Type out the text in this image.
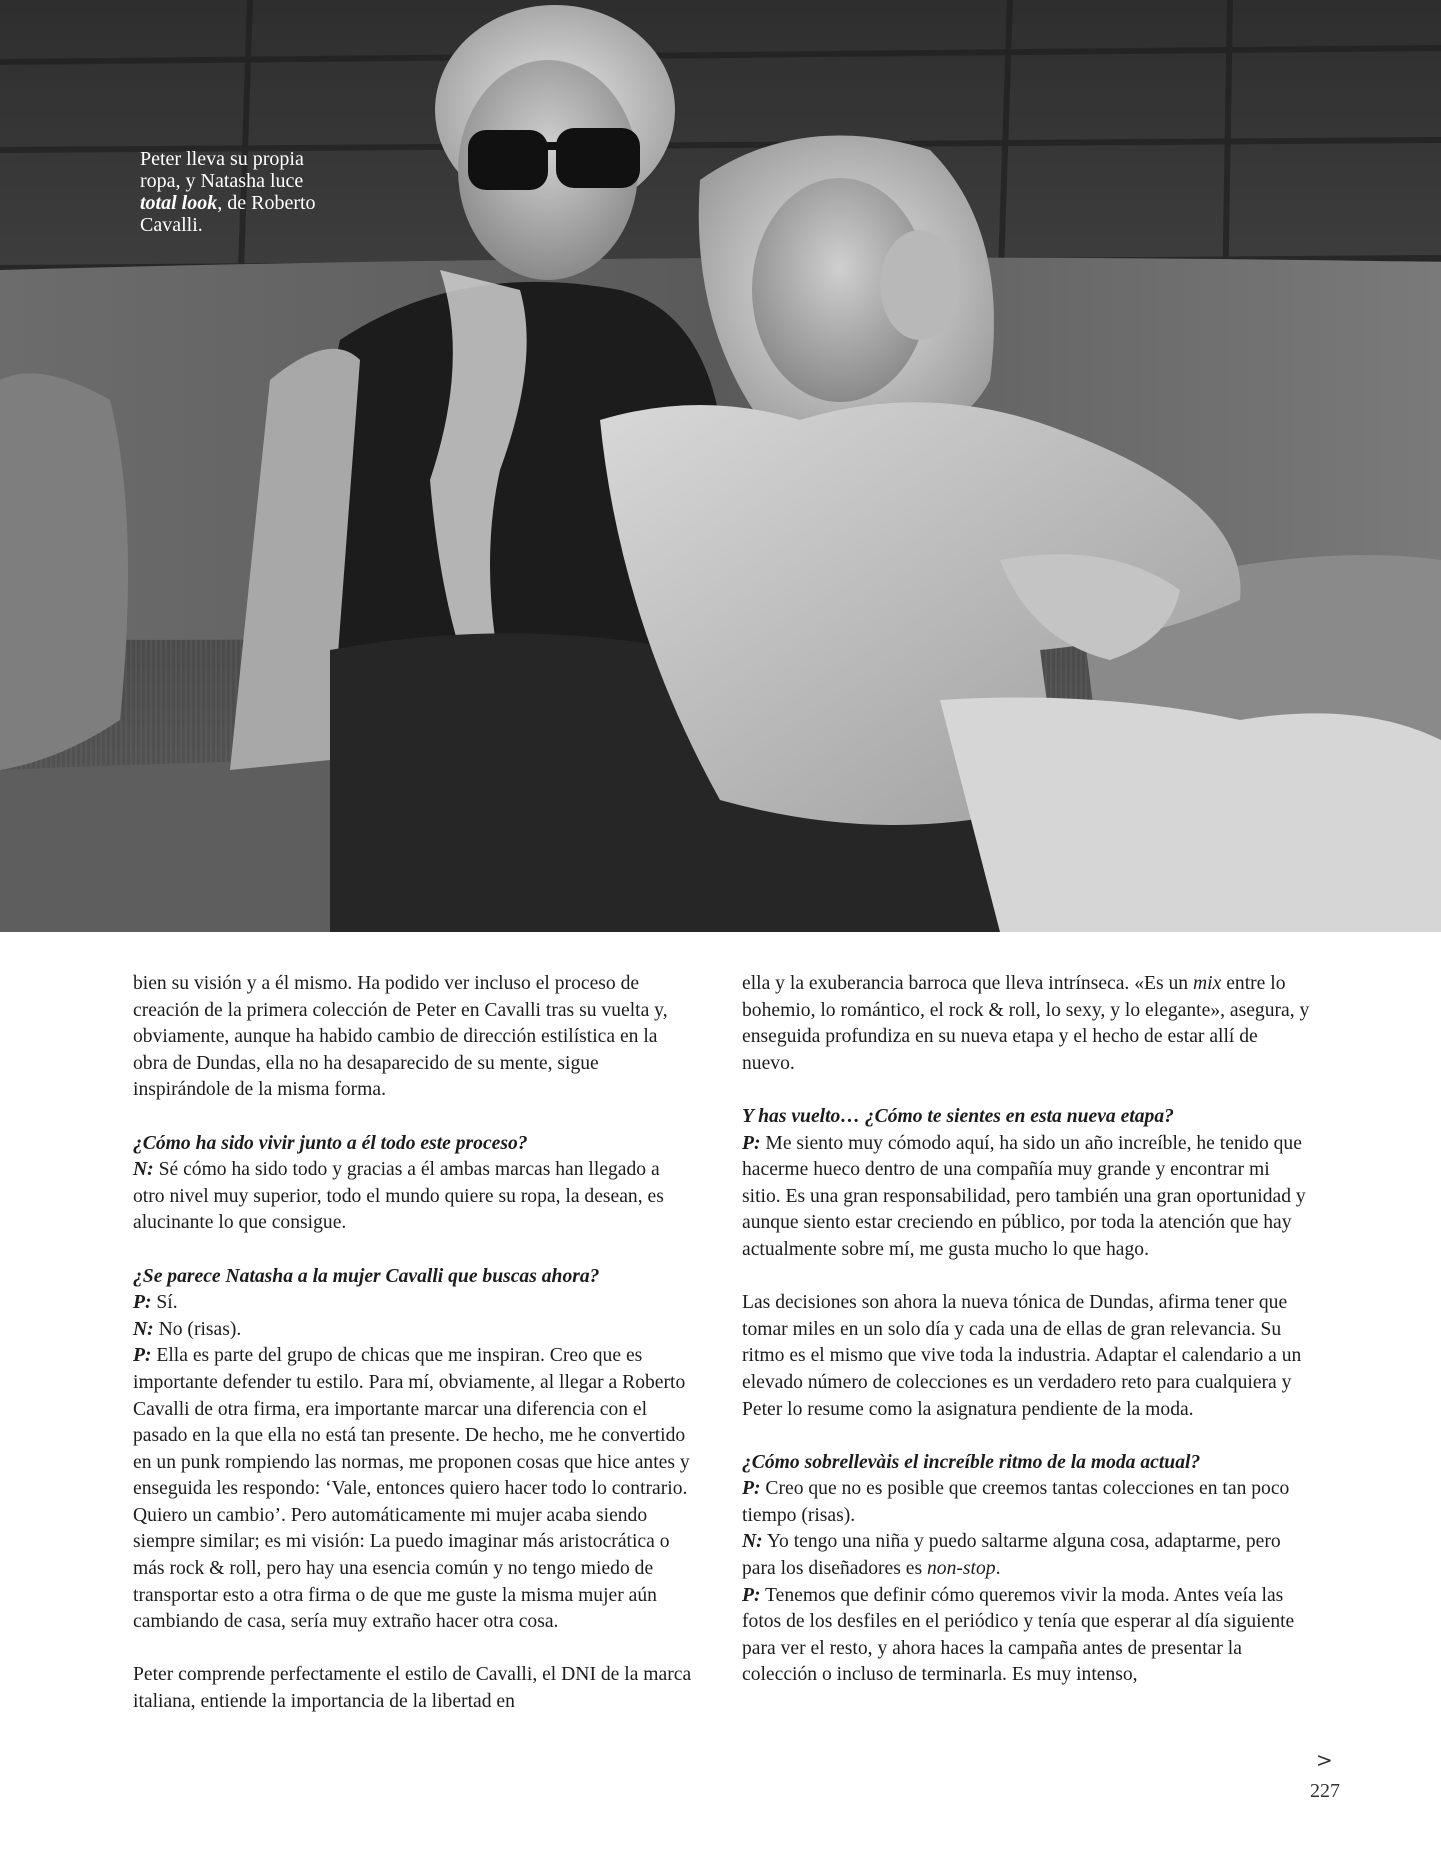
Peter lleva su propia ropa, y Natasha luce total look, de Roberto Cavalli.

bien su visión y a él mismo. Ha podido ver incluso el proceso de creación de la primera colección de Peter en Cavalli tras su vuelta y, obviamente, aunque ha habido cambio de dirección estilística en la obra de Dundas, ella no ha desaparecido de su mente, sigue inspirándole de la misma forma.

¿Cómo ha sido vivir junto a él todo este proceso?
N: Sé cómo ha sido todo y gracias a él ambas marcas han llegado a otro nivel muy superior, todo el mundo quiere su ropa, la desean, es alucinante lo que consigue.

¿Se parece Natasha a la mujer Cavalli que buscas ahora?
P: Sí.
N: No (risas).
P: Ella es parte del grupo de chicas que me inspiran. Creo que es importante defender tu estilo. Para mí, obviamente, al llegar a Roberto Cavalli de otra firma, era importante marcar una diferencia con el pasado en la que ella no está tan presente. De hecho, me he convertido en un punk rompiendo las normas, me proponen cosas que hice antes y enseguida les respondo: ‘Vale, entonces quiero hacer todo lo contrario. Quiero un cambio’. Pero automáticamente mi mujer acaba siendo siempre similar; es mi visión: La puedo imaginar más aristocrática o más rock & roll, pero hay una esencia común y no tengo miedo de transportar esto a otra firma o de que me guste la misma mujer aún cambiando de casa, sería muy extraño hacer otra cosa.

Peter comprende perfectamente el estilo de Cavalli, el DNI de la marca italiana, entiende la importancia de la libertad en

ella y la exuberancia barroca que lleva intrínseca. «Es un mix entre lo bohemio, lo romántico, el rock & roll, lo sexy, y lo elegante», asegura, y enseguida profundiza en su nueva etapa y el hecho de estar allí de nuevo.

Y has vuelto… ¿Cómo te sientes en esta nueva etapa?
P: Me siento muy cómodo aquí, ha sido un año increíble, he tenido que hacerme hueco dentro de una compañía muy grande y encontrar mi sitio. Es una gran responsabilidad, pero también una gran oportunidad y aunque siento estar creciendo en público, por toda la atención que hay actualmente sobre mí, me gusta mucho lo que hago.

Las decisiones son ahora la nueva tónica de Dundas, afirma tener que tomar miles en un solo día y cada una de ellas de gran relevancia. Su ritmo es el mismo que vive toda la industria. Adaptar el calendario a un elevado número de colecciones es un verdadero reto para cualquiera y Peter lo resume como la asignatura pendiente de la moda.

¿Cómo sobrellevàis el increíble ritmo de la moda actual?
P: Creo que no es posible que creemos tantas colecciones en tan poco tiempo (risas).
N: Yo tengo una niña y puedo saltarme alguna cosa, adaptarme, pero para los diseñadores es non-stop.
P: Tenemos que definir cómo queremos vivir la moda. Antes veía las fotos de los desfiles en el periódico y tenía que esperar al día siguiente para ver el resto, y ahora haces la campaña antes de presentar la colección o incluso de terminarla. Es muy intenso,

>
227
